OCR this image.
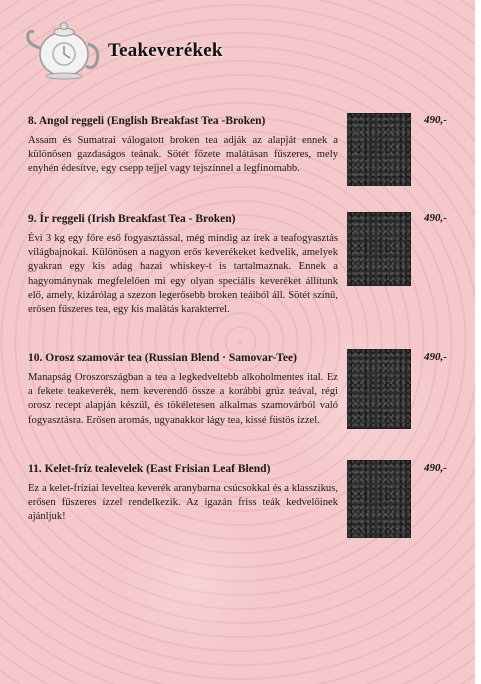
Teakeverékek

8. Angol reggeli (English Breakfast Tea -Broken)

Assam és Sumatrai válogatott broken tea adják az alapját ennek a különösen gazdaságos teának. Sötét főzete malátásan fűszeres, mely enyhén édesítve, egy csepp tejjel vagy tejszínnel a legfinomabb.

490,-

9. Ír reggeli (Irish Breakfast Tea - Broken)

Évi 3 kg egy főre eső fogyasztással, még mindig az írek a teafogyasztás világbajnokai. Különösen a nagyon erős keverékeket kedvelik, amelyek gyakran egy kis adag hazai whiskey-t is tartalmaznak. Ennek a hagyománynak megfelelően mi egy olyan speciális keveréket állítunk elő, amely, kizárólag a szezon legerősebb broken teáiból áll. Sötét színű, erősen fűszeres tea, egy kis malátás karakterrel.

490,-

10. Orosz szamovár tea (Russian Blend · Samovar-Tee)

Manapság Oroszországban a tea a legkedveltebb alkoholmentes ital. Ez a fekete teakeverék, nem keverendő össze a korábbi grúz teával, régi orosz recept alapján készül, és tökéletesen alkalmas szamovárból való fogyasztásra. Erősen aromás, ugyanakkor lágy tea, kissé füstös ízzel.

490,-

11. Kelet-fríz tealevelek (East Frisian Leaf Blend)

Ez a kelet-fríziai leveltea keverék aranybarna csúcsokkal és a klasszikus, erősen fűszeres ízzel rendelkezik. Az igazán friss teák kedvelőinek ajánljuk!

490,-
